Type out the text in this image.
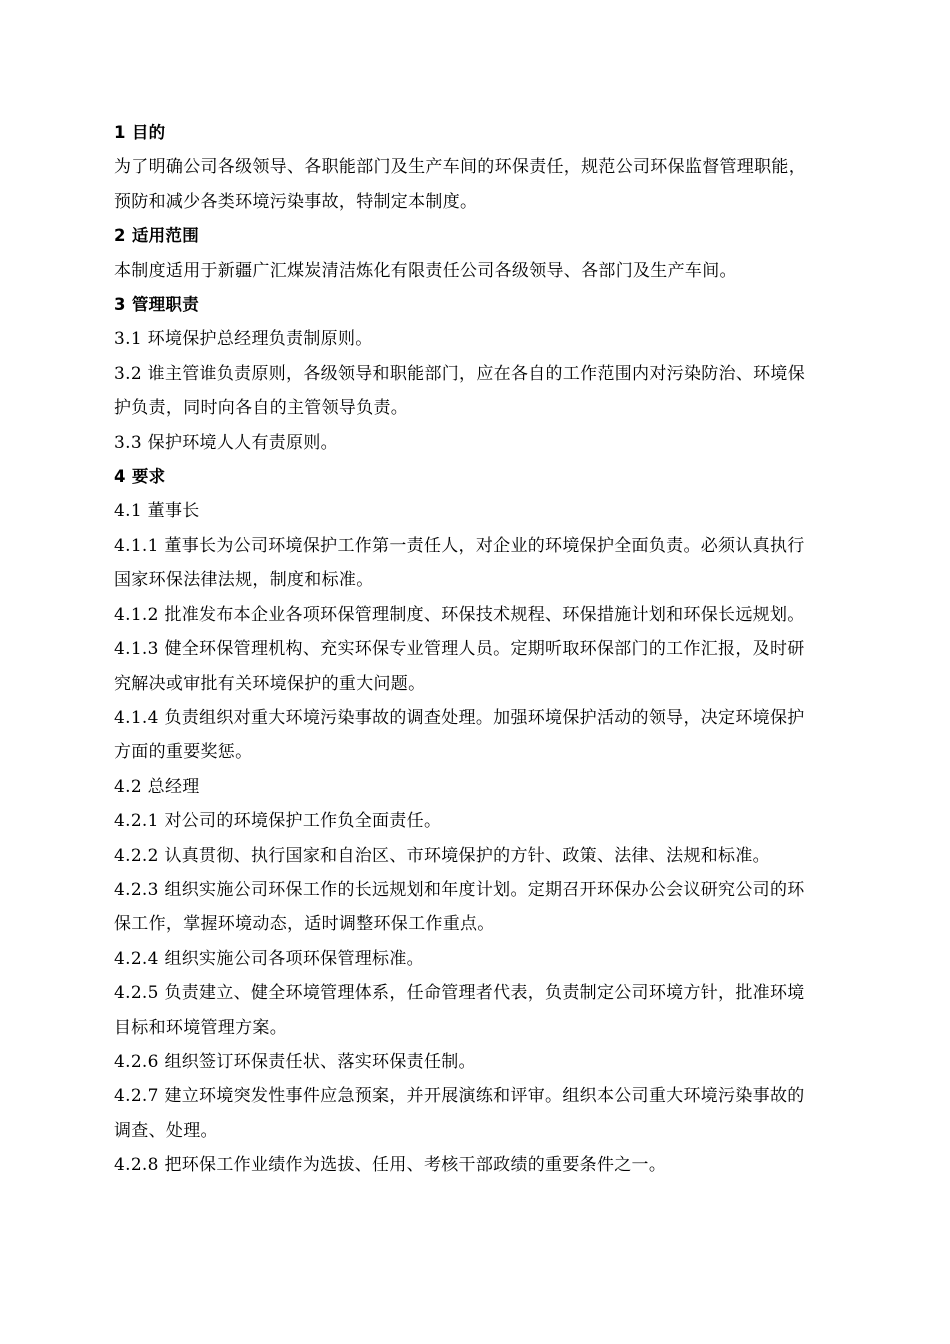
1 目的
为了明确公司各级领导、各职能部门及生产车间的环保责任，规范公司环保监督管理职能，
预防和减少各类环境污染事故，特制定本制度。
2 适用范围
本制度适用于新疆广汇煤炭清洁炼化有限责任公司各级领导、各部门及生产车间。
3 管理职责
3.1 环境保护总经理负责制原则。
3.2 谁主管谁负责原则，各级领导和职能部门，应在各自的工作范围内对污染防治、环境保
护负责，同时向各自的主管领导负责。
3.3 保护环境人人有责原则。
4 要求
4.1 董事长
4.1.1 董事长为公司环境保护工作第一责任人，对企业的环境保护全面负责。必须认真执行
国家环保法律法规，制度和标准。
4.1.2 批准发布本企业各项环保管理制度、环保技术规程、环保措施计划和环保长远规划。
4.1.3 健全环保管理机构、充实环保专业管理人员。定期听取环保部门的工作汇报，及时研
究解决或审批有关环境保护的重大问题。
4.1.4 负责组织对重大环境污染事故的调查处理。加强环境保护活动的领导，决定环境保护
方面的重要奖惩。
4.2 总经理
4.2.1 对公司的环境保护工作负全面责任。
4.2.2 认真贯彻、执行国家和自治区、市环境保护的方针、政策、法律、法规和标准。
4.2.3 组织实施公司环保工作的长远规划和年度计划。定期召开环保办公会议研究公司的环
保工作，掌握环境动态，适时调整环保工作重点。
4.2.4 组织实施公司各项环保管理标准。
4.2.5 负责建立、健全环境管理体系，任命管理者代表，负责制定公司环境方针，批准环境
目标和环境管理方案。
4.2.6 组织签订环保责任状、落实环保责任制。
4.2.7 建立环境突发性事件应急预案，并开展演练和评审。组织本公司重大环境污染事故的
调查、处理。
4.2.8 把环保工作业绩作为选拔、任用、考核干部政绩的重要条件之一。
